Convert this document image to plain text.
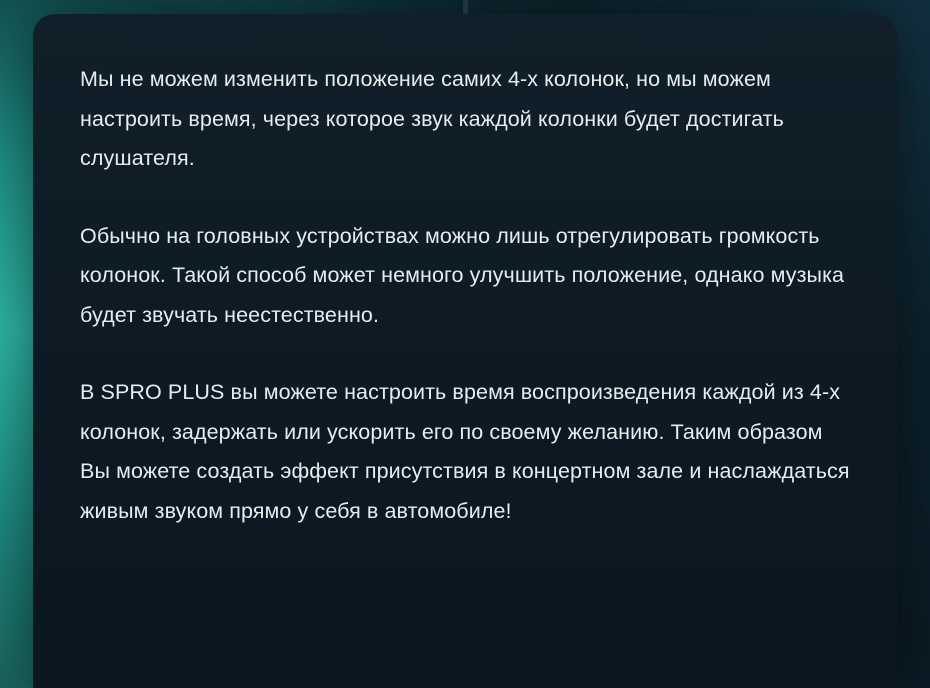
Мы не можем изменить положение самих 4-х колонок, но мы можем настроить время, через которое звук каждой колонки будет достигать слушателя.

Обычно на головных устройствах можно лишь отрегулировать громкость колонок. Такой способ может немного улучшить положение, однако музыка будет звучать неестественно.

В SPRO PLUS вы можете настроить время воспроизведения каждой из 4-х колонок, задержать или ускорить его по своему желанию. Таким образом Вы можете создать эффект присутствия в концертном зале и наслаждаться живым звуком прямо у себя в автомобиле!
